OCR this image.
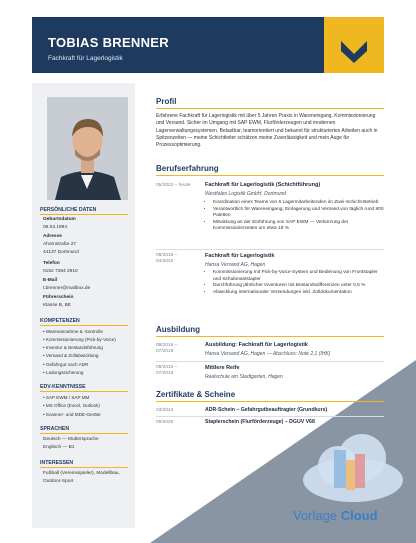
TOBIAS BRENNER
Fachkraft für Lagerlogistik
PERSÖNLICHE DATEN
Geburtsdatum
06.03.1994
Adresse
Ahornstraße 27
44137 Dortmund
Telefon
0152 7384 2910
E-Mail
t.brenner@mailbox.de
Führerschein
Klasse B, BE
KOMPETENZEN
• Warenannahme & -kontrolle
• Kommissionierung (Pick-by-Voice)
• Inventur & Bestandsführung
• Versand & Zollabwicklung
• Gefahrgut nach ADR
• Ladungssicherung
EDV-KENNTNISSE
• SAP EWM / SAP MM
• MS Office (Excel, Outlook)
• Scanner- und MDE-Geräte
SPRACHEN
Deutsch — Muttersprache
Englisch — B1
INTERESSEN
Fußball (Vereinsspieler), Modellbau,
Outdoor-Sport
Profil
Erfahrene Fachkraft für Lagerlogistik mit über 5 Jahren Praxis in Wareneingang, Kommissionierung und Versand. Sicher im Umgang mit SAP EWM, Flurförderzeugen und modernen Lagerverwaltungssystemen. Belastbar, teamorientiert und bekannt für strukturiertes Arbeiten auch in Spitzenzeiten — meine Schichtleiter schätzen meine Zuverlässigkeit und mein Auge für Prozessoptimierung.
Berufserfahrung
05/2022 – heute	Fachkraft für Lagerlogistik (Schichtführung)
Westfalen Logistik GmbH, Dortmund
• Koordination eines Teams von 6 Lagermitarbeitenden im Zwei-Schicht-Betrieb
• Verantwortlich für Wareneingang, Einlagerung und Versand von täglich rund 800 Paletten
• Mitwirkung an der Einführung von SAP EWM — Verkürzung der Kommissionierzeiten um etwa 18 %
08/2019 –
04/2022
Fachkraft für Lagerlogistik
Hansa Versand AG, Hagen
• Kommissionierung mit Pick-by-Voice-System und Bedienung von Frontstapler und Schubmaststapler
• Durchführung jährlicher Inventuren mit Bestandsdifferenzen unter 0,5 %
• Abwicklung internationaler Versendungen inkl. Zolldokumentation
Ausbildung
08/2016 –
07/2019
Ausbildung: Fachkraft für Lagerlogistik
Hansa Versand AG, Hagen — Abschluss: Note 2,1 (IHK)
09/2010 –
07/2016
Mittlere Reife
Realschule am Stadtgarten, Hagen
Zertifikate & Scheine
03/2024	ADR-Schein – Gefahrgutbeauftragter (Grundkurs)
09/2020	Staplerschein (Flurförderzeuge) – DGUV V68
Vorlage Cloud
